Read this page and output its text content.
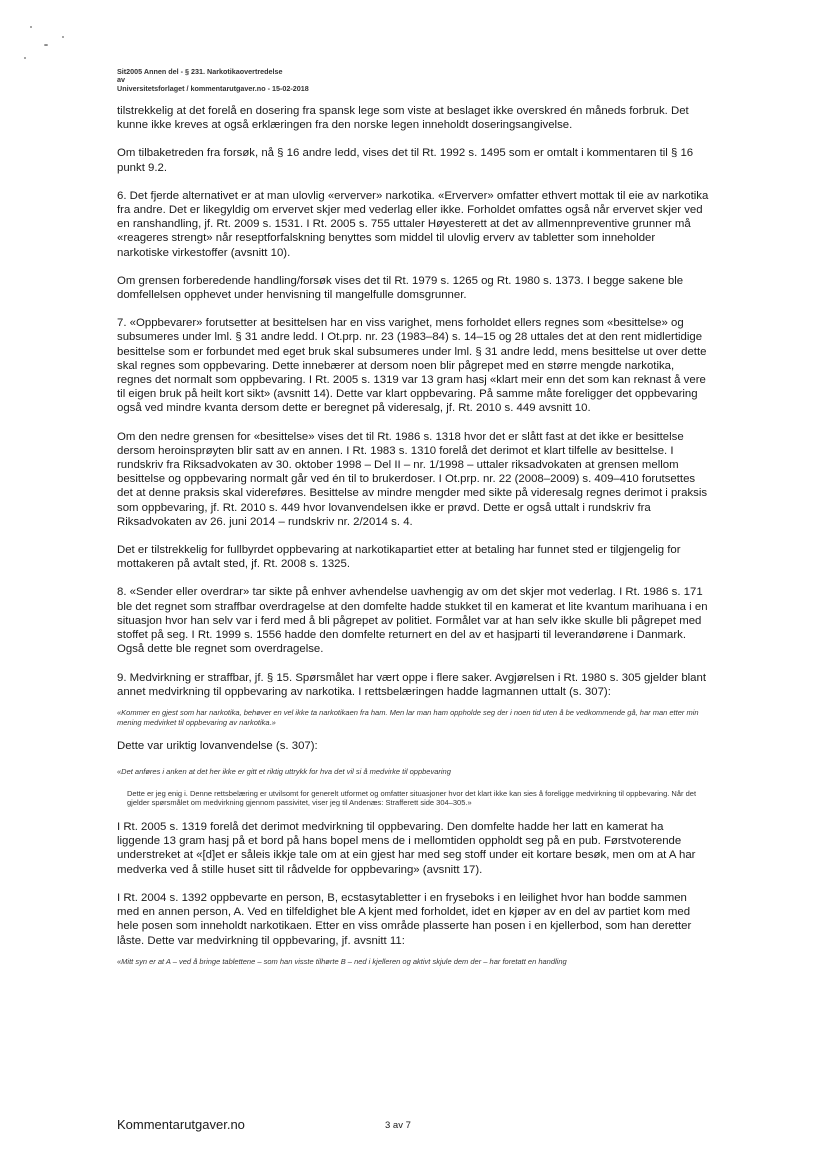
Sit2005 Annen del - § 231. Narkotikaovertredelse
av
Universitetsforlaget / kommentarutgaver.no - 15-02-2018

tilstrekkelig at det forelå en dosering fra spansk lege som viste at beslaget ikke overskred én måneds forbruk. Det kunne ikke kreves at også erklæringen fra den norske legen inneholdt doseringsangivelse.

Om tilbaketreden fra forsøk, nå § 16 andre ledd, vises det til Rt. 1992 s. 1495 som er omtalt i kommentaren til § 16 punkt 9.2.

6. Det fjerde alternativet er at man ulovlig «erverver» narkotika. «Erverver» omfatter ethvert mottak til eie av narkotika fra andre. Det er likegyldig om ervervet skjer med vederlag eller ikke. Forholdet omfattes også når ervervet skjer ved en ranshandling, jf. Rt. 2009 s. 1531. I Rt. 2005 s. 755 uttaler Høyesterett at det av allmennpreventive grunner må «reageres strengt» når reseptforfalskning benyttes som middel til ulovlig erverv av tabletter som inneholder narkotiske virkestoffer (avsnitt 10).

Om grensen forberedende handling/forsøk vises det til Rt. 1979 s. 1265 og Rt. 1980 s. 1373. I begge sakene ble domfellelsen opphevet under henvisning til mangelfulle domsgrunner.

7. «Oppbevarer» forutsetter at besittelsen har en viss varighet, mens forholdet ellers regnes som «besittelse» og subsumeres under lml. § 31 andre ledd. I Ot.prp. nr. 23 (1983–84) s. 14–15 og 28 uttales det at den rent midlertidige besittelse som er forbundet med eget bruk skal subsumeres under lml. § 31 andre ledd, mens besittelse ut over dette skal regnes som oppbevaring. Dette innebærer at dersom noen blir pågrepet med en større mengde narkotika, regnes det normalt som oppbevaring. I Rt. 2005 s. 1319 var 13 gram hasj «klart meir enn det som kan reknast å vere til eigen bruk på heilt kort sikt» (avsnitt 14). Dette var klart oppbevaring. På samme måte foreligger det oppbevaring også ved mindre kvanta dersom dette er beregnet på videresalg, jf. Rt. 2010 s. 449 avsnitt 10.

Om den nedre grensen for «besittelse» vises det til Rt. 1986 s. 1318 hvor det er slått fast at det ikke er besittelse dersom heroinsprøyten blir satt av en annen. I Rt. 1983 s. 1310 forelå det derimot et klart tilfelle av besittelse. I rundskriv fra Riksadvokaten av 30. oktober 1998 – Del II – nr. 1/1998 – uttaler riksadvokaten at grensen mellom besittelse og oppbevaring normalt går ved én til to brukerdoser. I Ot.prp. nr. 22 (2008–2009) s. 409–410 forutsettes det at denne praksis skal videreføres. Besittelse av mindre mengder med sikte på videresalg regnes derimot i praksis som oppbevaring, jf. Rt. 2010 s. 449 hvor lovanvendelsen ikke er prøvd. Dette er også uttalt i rundskriv fra Riksadvokaten av 26. juni 2014 – rundskriv nr. 2/2014 s. 4.

Det er tilstrekkelig for fullbyrdet oppbevaring at narkotikapartiet etter at betaling har funnet sted er tilgjengelig for mottakeren på avtalt sted, jf. Rt. 2008 s. 1325.

8. «Sender eller overdrar» tar sikte på enhver avhendelse uavhengig av om det skjer mot vederlag. I Rt. 1986 s. 171 ble det regnet som straffbar overdragelse at den domfelte hadde stukket til en kamerat et lite kvantum marihuana i en situasjon hvor han selv var i ferd med å bli pågrepet av politiet. Formålet var at han selv ikke skulle bli pågrepet med stoffet på seg. I Rt. 1999 s. 1556 hadde den domfelte returnert en del av et hasjparti til leverandørene i Danmark. Også dette ble regnet som overdragelse.

9. Medvirkning er straffbar, jf. § 15. Spørsmålet har vært oppe i flere saker. Avgjørelsen i Rt. 1980 s. 305 gjelder blant annet medvirkning til oppbevaring av narkotika. I rettsbelæringen hadde lagmannen uttalt (s. 307):

«Kommer en gjest som har narkotika, behøver en vel ikke ta narkotikaen fra ham. Men lar man ham oppholde seg der i noen tid uten å be vedkommende gå, har man etter min mening medvirket til oppbevaring av narkotika.»

Dette var uriktig lovanvendelse (s. 307):

«Det anføres i anken at det her ikke er gitt et riktig uttrykk for hva det vil si å medvirke til oppbevaring

Dette er jeg enig i. Denne rettsbelæring er utvilsomt for generelt utformet og omfatter situasjoner hvor det klart ikke kan sies å foreligge medvirkning til oppbevaring. Når det gjelder spørsmålet om medvirkning gjennom passivitet, viser jeg til Andenæs: Strafferett side 304–305.»

I Rt. 2005 s. 1319 forelå det derimot medvirkning til oppbevaring. Den domfelte hadde her latt en kamerat ha liggende 13 gram hasj på et bord på hans bopel mens de i mellomtiden oppholdt seg på en pub. Førstvoterende understreket at «[d]et er såleis ikkje tale om at ein gjest har med seg stoff under eit kortare besøk, men om at A har medverka ved å stille huset sitt til rådvelde for oppbevaring» (avsnitt 17).

I Rt. 2004 s. 1392 oppbevarte en person, B, ecstasytabletter i en fryseboks i en leilighet hvor han bodde sammen med en annen person, A. Ved en tilfeldighet ble A kjent med forholdet, idet en kjøper av en del av partiet kom med hele posen som inneholdt narkotikaen. Etter en viss område plasserte han posen i en kjellerbod, som han deretter låste. Dette var medvirkning til oppbevaring, jf. avsnitt 11:

«Mitt syn er at A – ved å bringe tablettene – som han visste tilhørte B – ned i kjelleren og aktivt skjule dem der – har foretatt en handling

Kommentarutgaver.no	3 av 7
